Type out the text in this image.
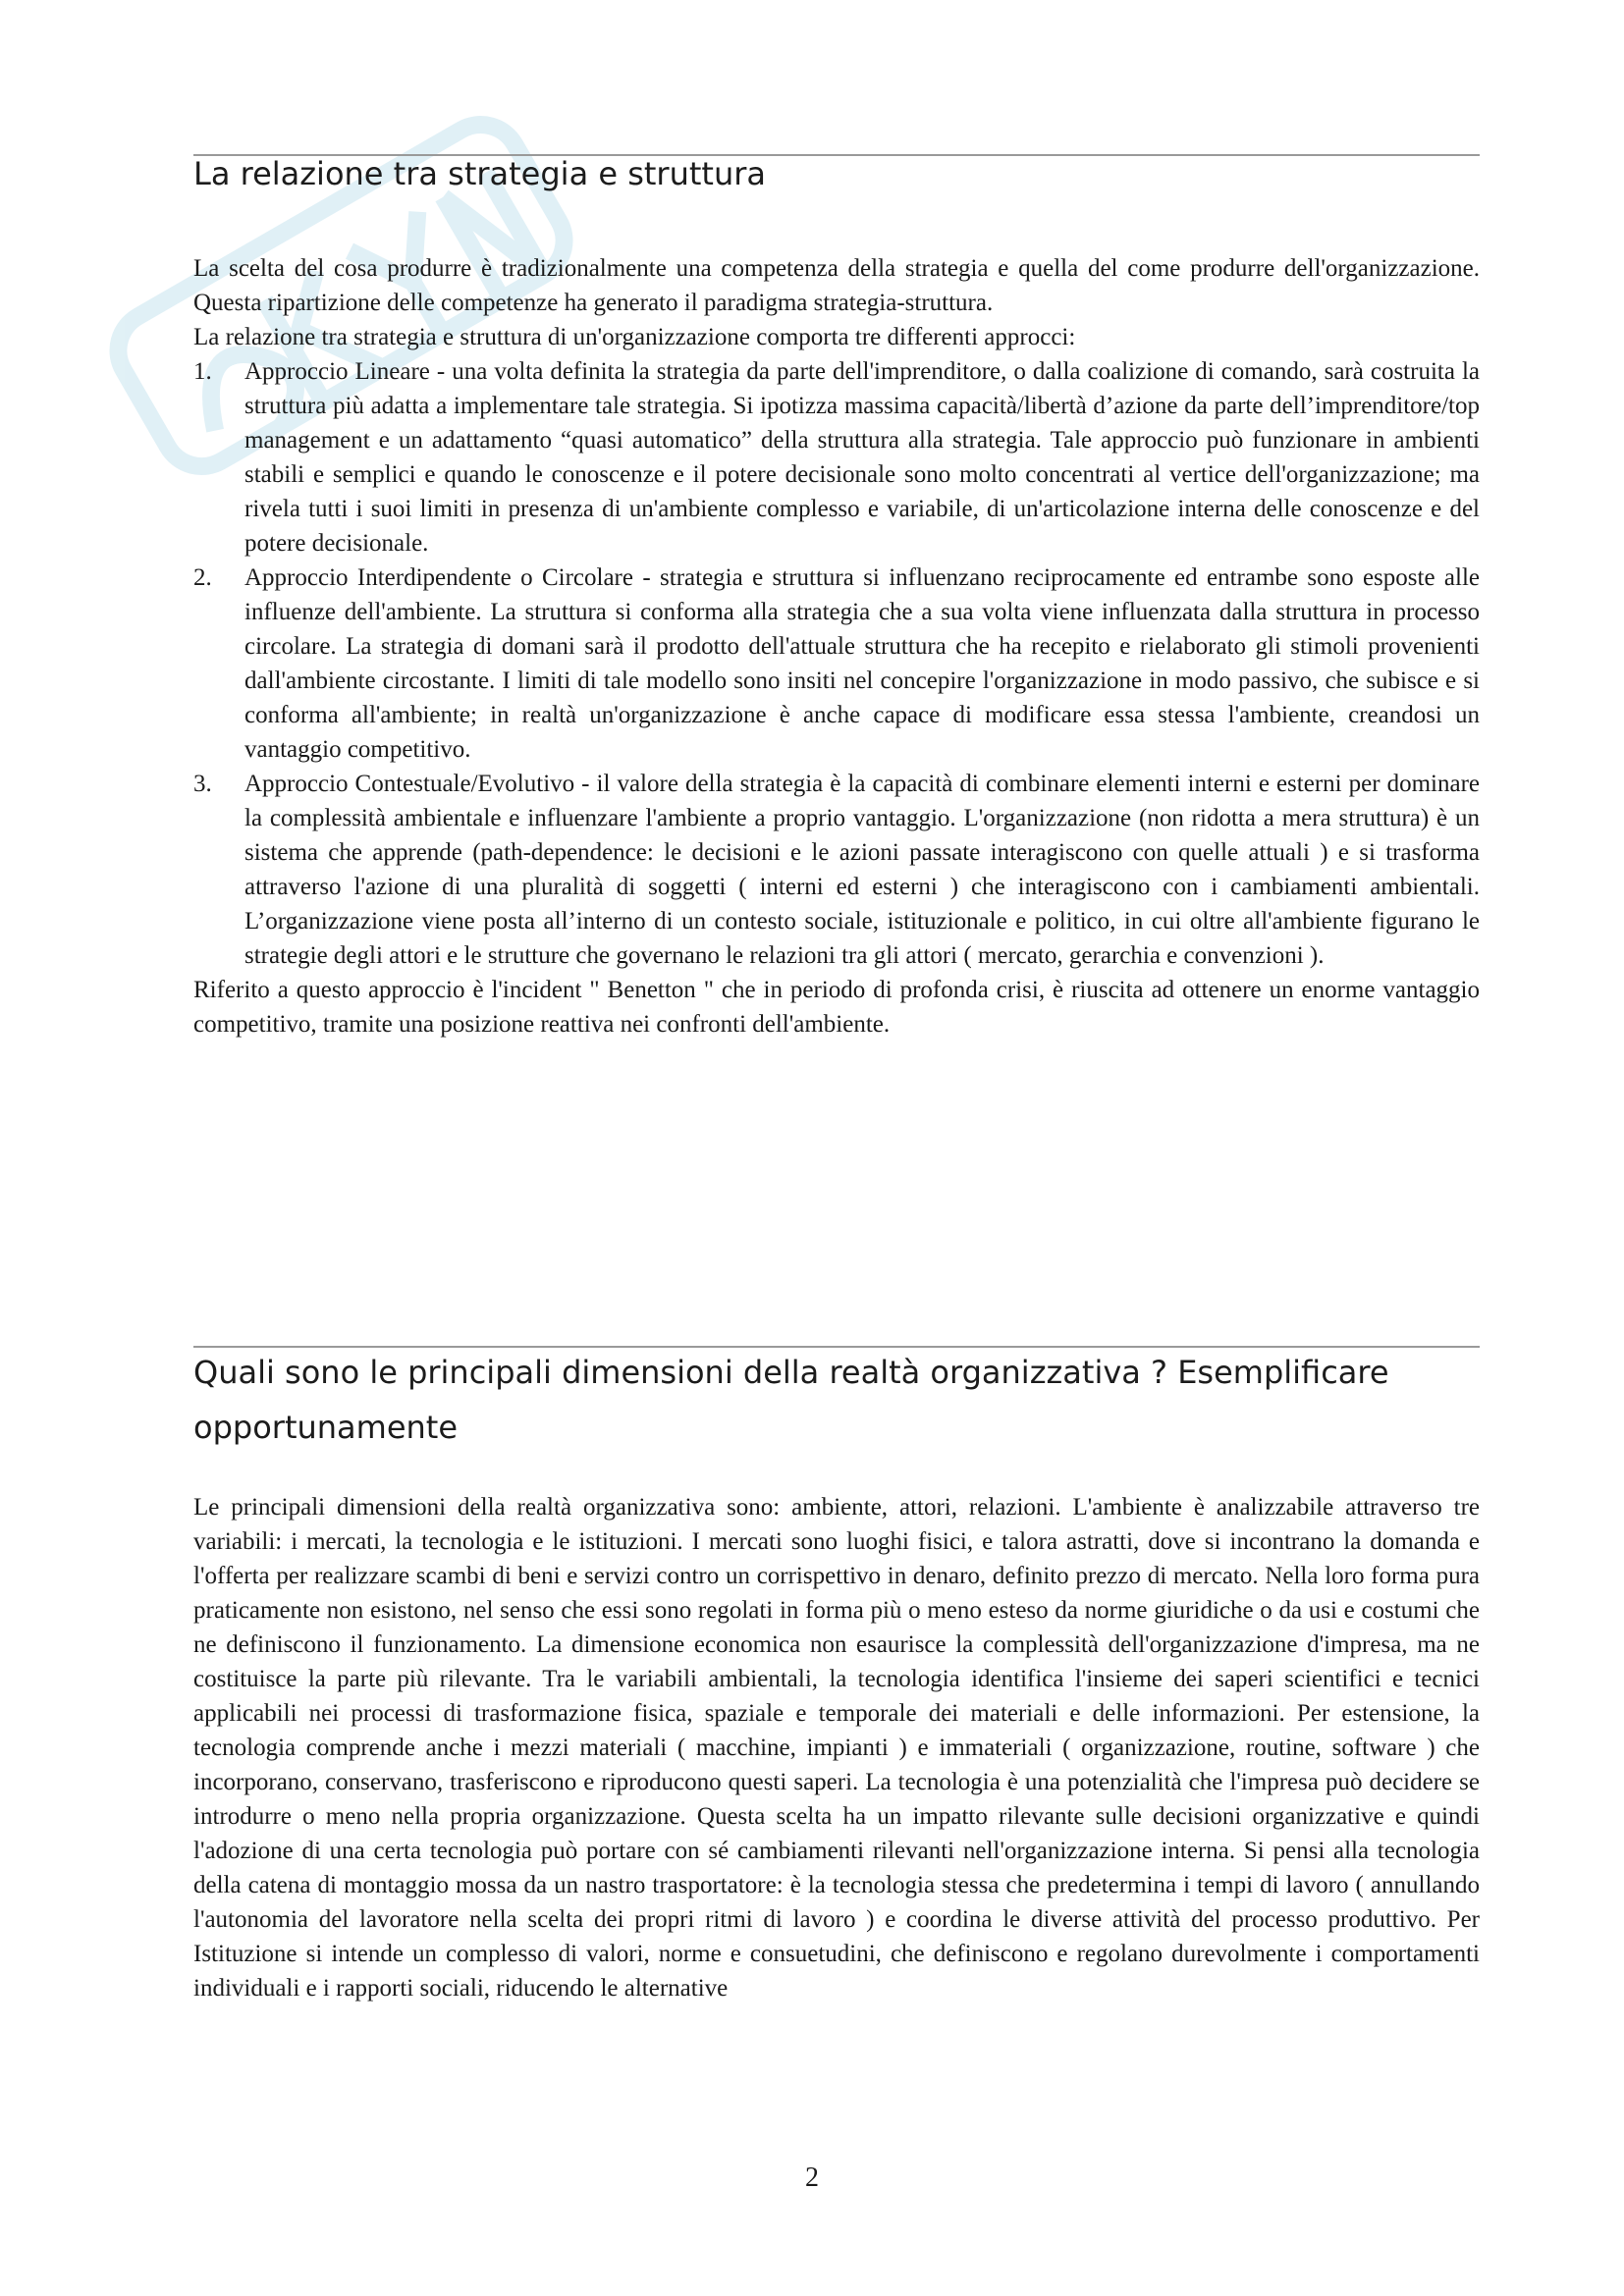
La relazione tra strategia e struttura

La scelta del cosa produrre è tradizionalmente una competenza della strategia e quella del come produrre dell'organizzazione. Questa ripartizione delle competenze ha generato il paradigma strategia-struttura.

La relazione tra strategia e struttura di un'organizzazione comporta tre differenti approcci:

1. Approccio Lineare - una volta definita la strategia da parte dell'imprenditore, o dalla coalizione di comando, sarà costruita la struttura più adatta a implementare tale strategia. Si ipotizza massima capacità/libertà d’azione da parte dell’imprenditore/top management e un adattamento “quasi automatico” della struttura alla strategia. Tale approccio può funzionare in ambienti stabili e semplici e quando le conoscenze e il potere decisionale sono molto concentrati al vertice dell'organizzazione; ma rivela tutti i suoi limiti in presenza di un'ambiente complesso e variabile, di un'articolazione interna delle conoscenze e del potere decisionale.
2. Approccio Interdipendente o Circolare - strategia e struttura si influenzano reciprocamente ed entrambe sono esposte alle influenze dell'ambiente. La struttura si conforma alla strategia che a sua volta viene influenzata dalla struttura in processo circolare. La strategia di domani sarà il prodotto dell'attuale struttura che ha recepito e rielaborato gli stimoli provenienti dall'ambiente circostante. I limiti di tale modello sono insiti nel concepire l'organizzazione in modo passivo, che subisce e si conforma all'ambiente; in realtà un'organizzazione è anche capace di modificare essa stessa l'ambiente, creandosi un vantaggio competitivo.
3. Approccio Contestuale/Evolutivo - il valore della strategia è la capacità di combinare elementi interni e esterni per dominare la complessità ambientale e influenzare l'ambiente a proprio vantaggio. L'organizzazione (non ridotta a mera struttura) è un sistema che apprende (path-dependence: le decisioni e le azioni passate interagiscono con quelle attuali ) e si trasforma attraverso l'azione di una pluralità di soggetti ( interni ed esterni ) che interagiscono con i cambiamenti ambientali. L’organizzazione viene posta all’interno di un contesto sociale, istituzionale e politico, in cui oltre all'ambiente figurano le strategie degli attori e le strutture che governano le relazioni tra gli attori ( mercato, gerarchia e convenzioni ).

Riferito a questo approccio è l'incident " Benetton " che in periodo di profonda crisi, è riuscita ad ottenere un enorme vantaggio competitivo, tramite una posizione reattiva nei confronti dell'ambiente.

Quali sono le principali dimensioni della realtà organizzativa ? Esemplificare opportunamente

Le principali dimensioni della realtà organizzativa sono: ambiente, attori, relazioni. L'ambiente è analizzabile attraverso tre variabili: i mercati, la tecnologia e le istituzioni. I mercati sono luoghi fisici, e talora astratti, dove si incontrano la domanda e l'offerta per realizzare scambi di beni e servizi contro un corrispettivo in denaro, definito prezzo di mercato. Nella loro forma pura praticamente non esistono, nel senso che essi sono regolati in forma più o meno esteso da norme giuridiche o da usi e costumi che ne definiscono il funzionamento. La dimensione economica non esaurisce la complessità dell'organizzazione d'impresa, ma ne costituisce la parte più rilevante. Tra le variabili ambientali, la tecnologia identifica l'insieme dei saperi scientifici e tecnici applicabili nei processi di trasformazione fisica, spaziale e temporale dei materiali e delle informazioni. Per estensione, la tecnologia comprende anche i mezzi materiali ( macchine, impianti ) e immateriali ( organizzazione, routine, software ) che incorporano, conservano, trasferiscono e riproducono questi saperi. La tecnologia è una potenzialità che l'impresa può decidere se introdurre o meno nella propria organizzazione. Questa scelta ha un impatto rilevante sulle decisioni organizzative e quindi l'adozione di una certa tecnologia può portare con sé cambiamenti rilevanti nell'organizzazione interna. Si pensi alla tecnologia della catena di montaggio mossa da un nastro trasportatore: è la tecnologia stessa che predetermina i tempi di lavoro ( annullando l'autonomia del lavoratore nella scelta dei propri ritmi di lavoro ) e coordina le diverse attività del processo produttivo. Per Istituzione si intende un complesso di valori, norme e consuetudini, che definiscono e regolano durevolmente i comportamenti individuali e i rapporti sociali, riducendo le alternative

2
